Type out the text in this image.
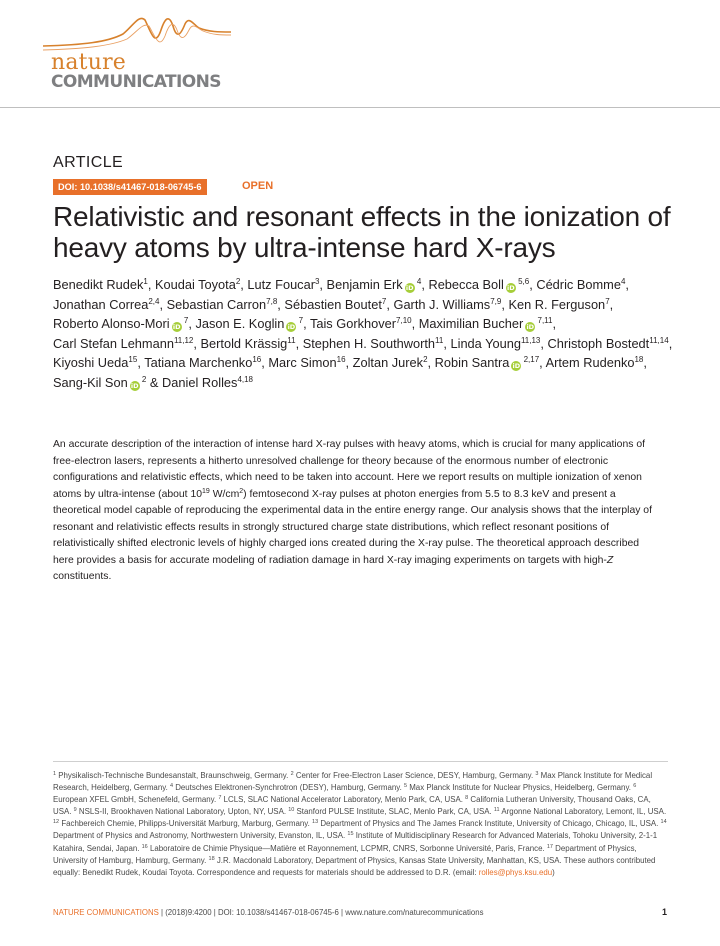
nature
COMMUNICATIONS
ARTICLE
DOI: 10.1038/s41467-018-06745-6	OPEN
Relativistic and resonant effects in the ionization of heavy atoms by ultra-intense hard X-rays
Benedikt Rudek$^1$, Koudai Toyota$^2$, Lutz Foucar$^3$, Benjamin Erk iD $^4$, Rebecca Boll iD $^{5,6}$, Cédric Bomme$^4$, Jonathan Correa$^{2,4}$, Sebastian Carron$^{7,8}$, Sébastien Boutet$^7$, Garth J. Williams$^{7,9}$, Ken R. Ferguson$^7$, Roberto Alonso-Mori iD $^7$, Jason E. Koglin iD $^7$, Tais Gorkhover$^{7,10}$, Maximilian Bucher iD $^{7,11}$, Carl Stefan Lehmann$^{11,12}$, Bertold Krässig$^{11}$, Stephen H. Southworth$^{11}$, Linda Young$^{11,13}$, Christoph Bostedt$^{11,14}$, Kiyoshi Ueda$^{15}$, Tatiana Marchenko$^{16}$, Marc Simon$^{16}$, Zoltan Jurek$^2$, Robin Santra iD $^{2,17}$, Artem Rudenko$^{18}$, Sang-Kil Son iD $^2$ & Daniel Rolles$^{4,18}$

An accurate description of the interaction of intense hard X-ray pulses with heavy atoms, which is crucial for many applications of free-electron lasers, represents a hitherto unresolved challenge for theory because of the enormous number of electronic configurations and relativistic effects, which need to be taken into account. Here we report results on multiple ionization of xenon atoms by ultra-intense (about $10^{19}$ $W/cm^2$) femtosecond X-ray pulses at photon energies from 5.5 to 8.3 keV and present a theoretical model capable of reproducing the experimental data in the entire energy range. Our analysis shows that the interplay of resonant and relativistic effects results in strongly structured charge state distributions, which reflect resonant positions of relativistically shifted electronic levels of highly charged ions created during the X-ray pulse. The theoretical approach described here provides a basis for accurate modeling of radiation damage in hard X-ray imaging experiments on targets with high-Z constituents.

$^1$ Physikalisch-Technische Bundesanstalt, Braunschweig, Germany. $^2$ Center for Free-Electron Laser Science, DESY, Hamburg, Germany. $^3$ Max Planck Institute for Medical Research, Heidelberg, Germany. $^4$ Deutsches Elektronen-Synchrotron (DESY), Hamburg, Germany. $^5$ Max Planck Institute for Nuclear Physics, Heidelberg, Germany. $^6$ European XFEL GmbH, Schenefeld, Germany. $^7$ LCLS, SLAC National Accelerator Laboratory, Menlo Park, CA, USA. $^8$ California Lutheran University, Thousand Oaks, CA, USA. $^9$ NSLS-II, Brookhaven National Laboratory, Upton, NY, USA. $^{10}$ Stanford PULSE Institute, SLAC, Menlo Park, CA, USA. $^{11}$ Argonne National Laboratory, Lemont, IL, USA. $^{12}$ Fachbereich Chemie, Philipps-Universität Marburg, Marburg, Germany. $^{13}$ Department of Physics and The James Franck Institute, University of Chicago, Chicago, IL, USA. $^{14}$ Department of Physics and Astronomy, Northwestern University, Evanston, IL, USA. $^{15}$ Institute of Multidisciplinary Research for Advanced Materials, Tohoku University, 2-1-1 Katahira, Sendai, Japan. $^{16}$ Laboratoire de Chimie Physique—Matière et Rayonnement, LCPMR, CNRS, Sorbonne Université, Paris, France. $^{17}$ Department of Physics, University of Hamburg, Hamburg, Germany. $^{18}$ J.R. Macdonald Laboratory, Department of Physics, Kansas State University, Manhattan, KS, USA. These authors contributed equally: Benedikt Rudek, Koudai Toyota. Correspondence and requests for materials should be addressed to D.R. (email: rolles@phys.ksu.edu)

NATURE COMMUNICATIONS | (2018)9:4200 | DOI: 10.1038/s41467-018-06745-6 | www.nature.com/naturecommunications	1
